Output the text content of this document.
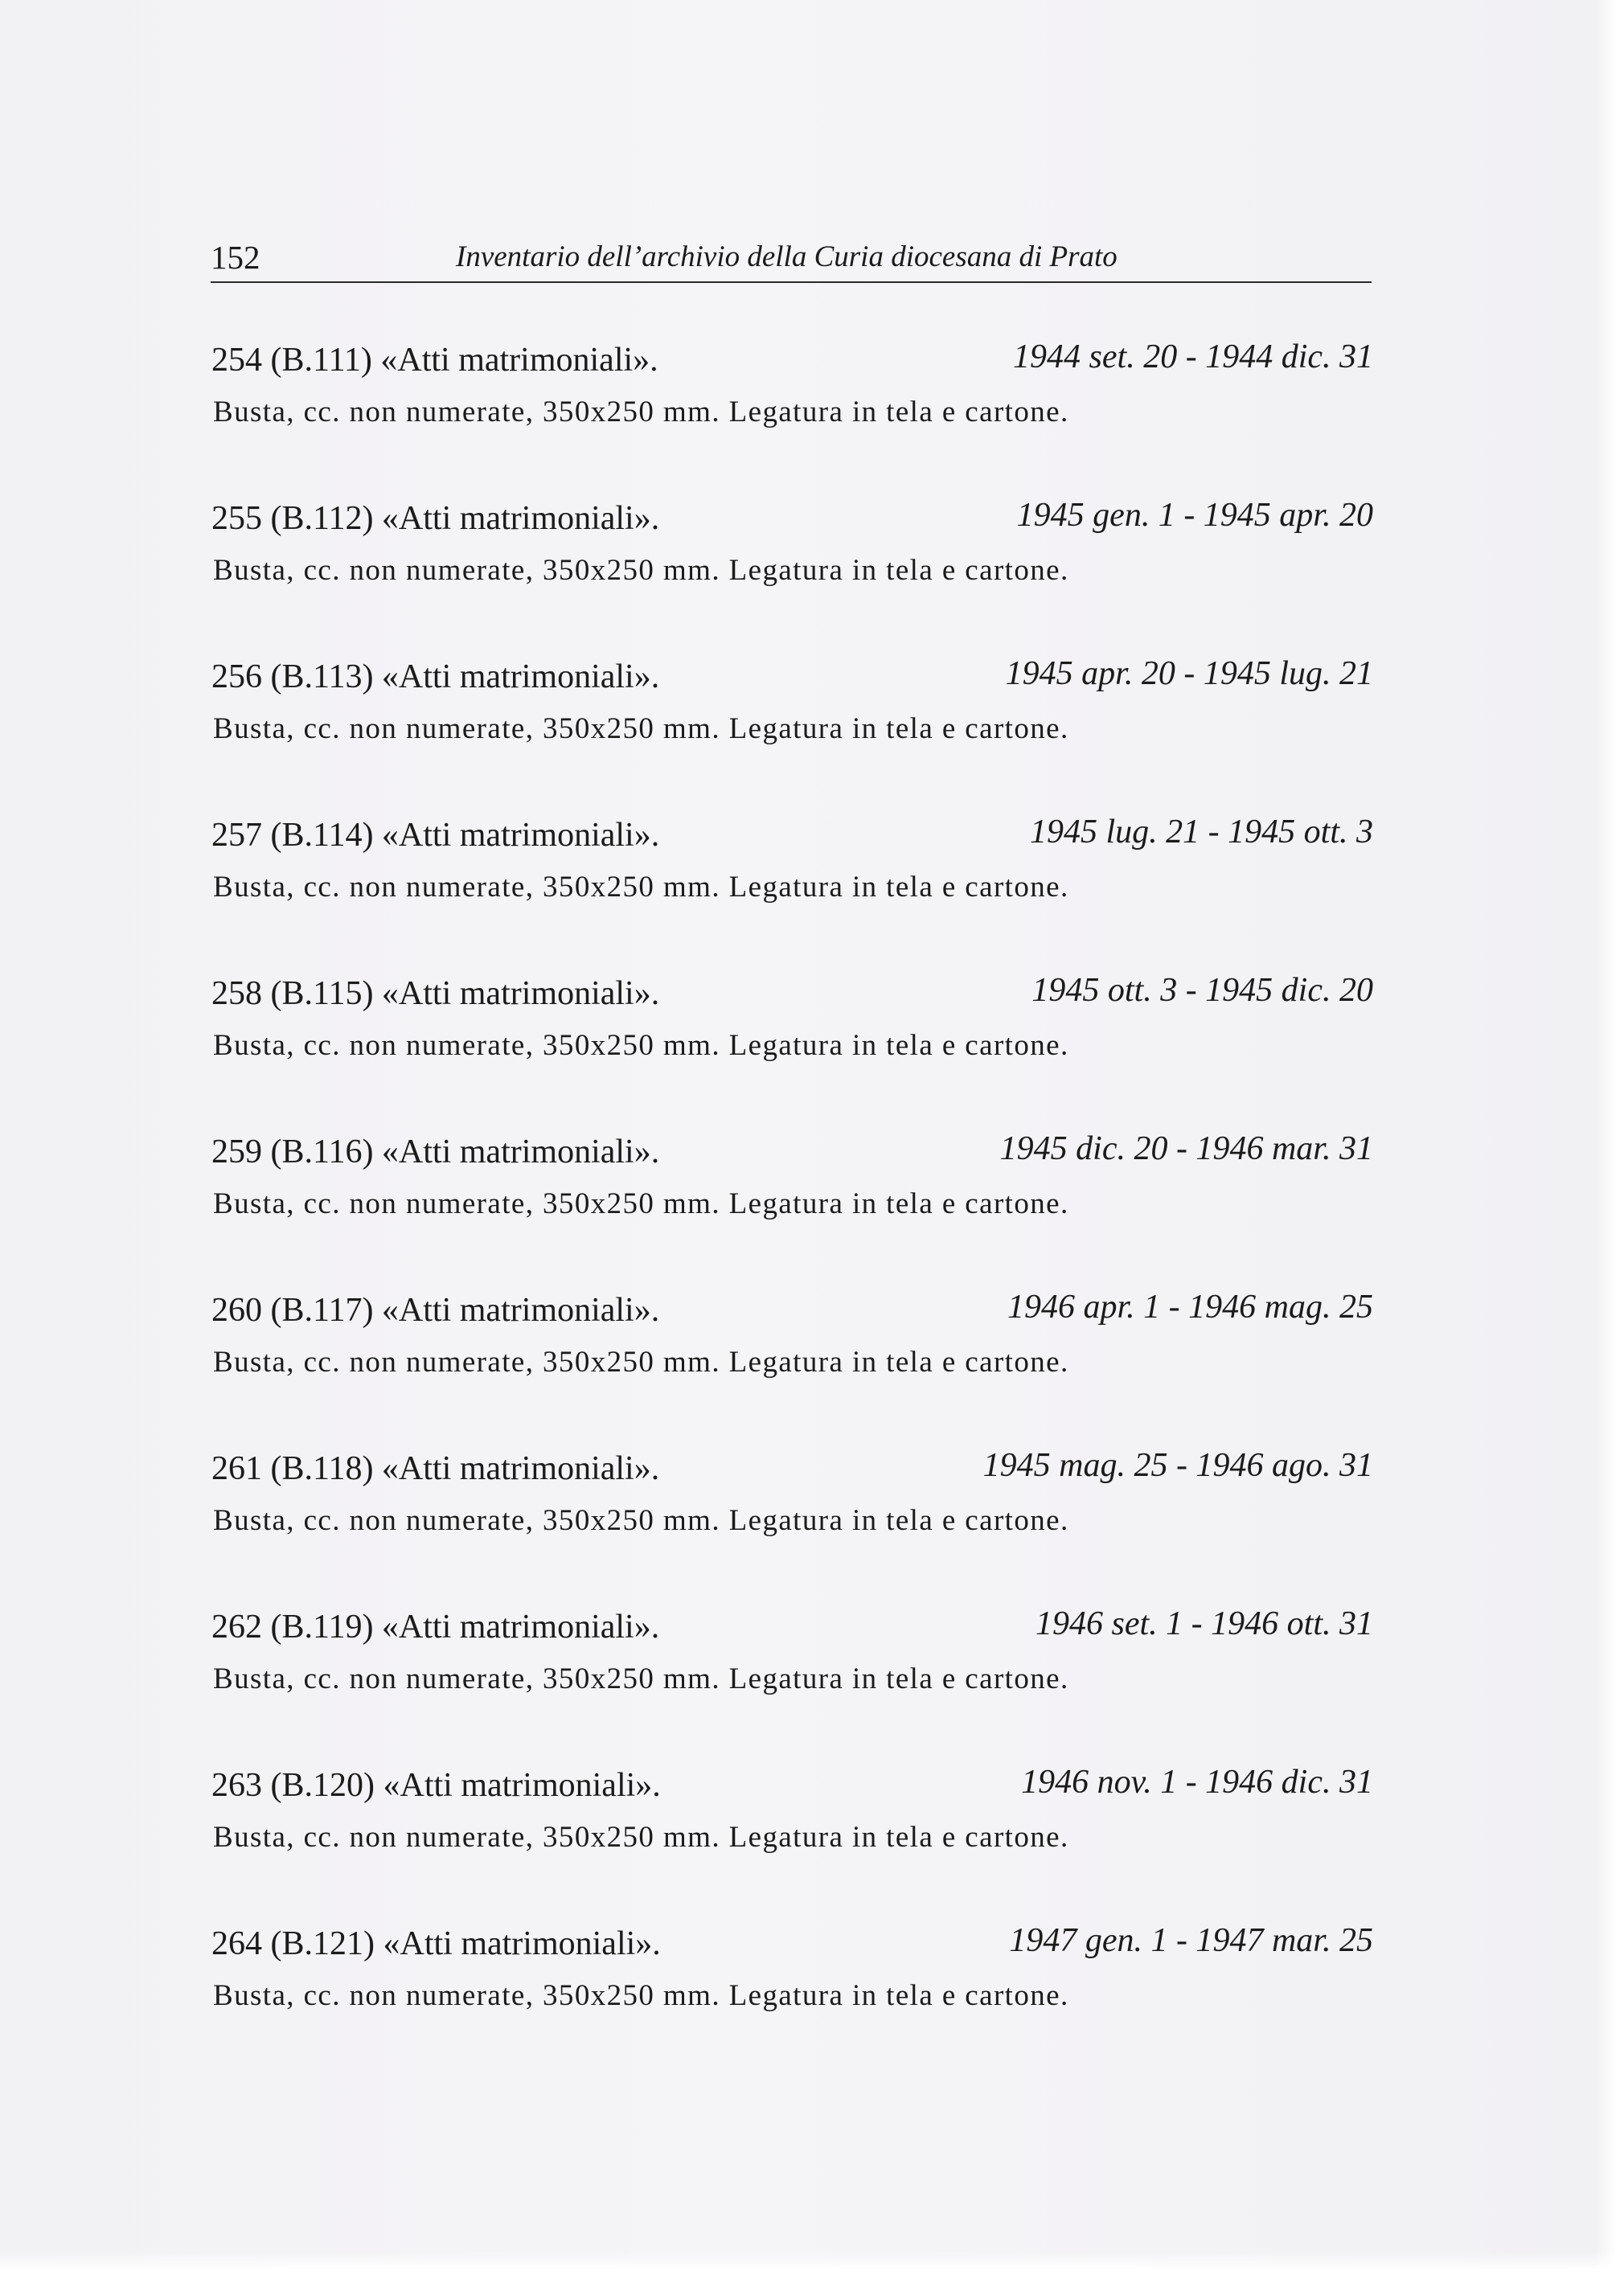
152	Inventario dell’archivio della Curia diocesana di Prato
254 (B.111) «Atti matrimoniali».	1944 set. 20 - 1944 dic. 31
Busta, cc. non numerate, 350x250 mm. Legatura in tela e cartone.
255 (B.112) «Atti matrimoniali».	1945 gen. 1 - 1945 apr. 20
Busta, cc. non numerate, 350x250 mm. Legatura in tela e cartone.
256 (B.113) «Atti matrimoniali».	1945 apr. 20 - 1945 lug. 21
Busta, cc. non numerate, 350x250 mm. Legatura in tela e cartone.
257 (B.114) «Atti matrimoniali».	1945 lug. 21 - 1945 ott. 3
Busta, cc. non numerate, 350x250 mm. Legatura in tela e cartone.
258 (B.115) «Atti matrimoniali».	1945 ott. 3 - 1945 dic. 20
Busta, cc. non numerate, 350x250 mm. Legatura in tela e cartone.
259 (B.116) «Atti matrimoniali».	1945 dic. 20 - 1946 mar. 31
Busta, cc. non numerate, 350x250 mm. Legatura in tela e cartone.
260 (B.117) «Atti matrimoniali».	1946 apr. 1 - 1946 mag. 25
Busta, cc. non numerate, 350x250 mm. Legatura in tela e cartone.
261 (B.118) «Atti matrimoniali».	1945 mag. 25 - 1946 ago. 31
Busta, cc. non numerate, 350x250 mm. Legatura in tela e cartone.
262 (B.119) «Atti matrimoniali».	1946 set. 1 - 1946 ott. 31
Busta, cc. non numerate, 350x250 mm. Legatura in tela e cartone.
263 (B.120) «Atti matrimoniali».	1946 nov. 1 - 1946 dic. 31
Busta, cc. non numerate, 350x250 mm. Legatura in tela e cartone.
264 (B.121) «Atti matrimoniali».	1947 gen. 1 - 1947 mar. 25
Busta, cc. non numerate, 350x250 mm. Legatura in tela e cartone.
